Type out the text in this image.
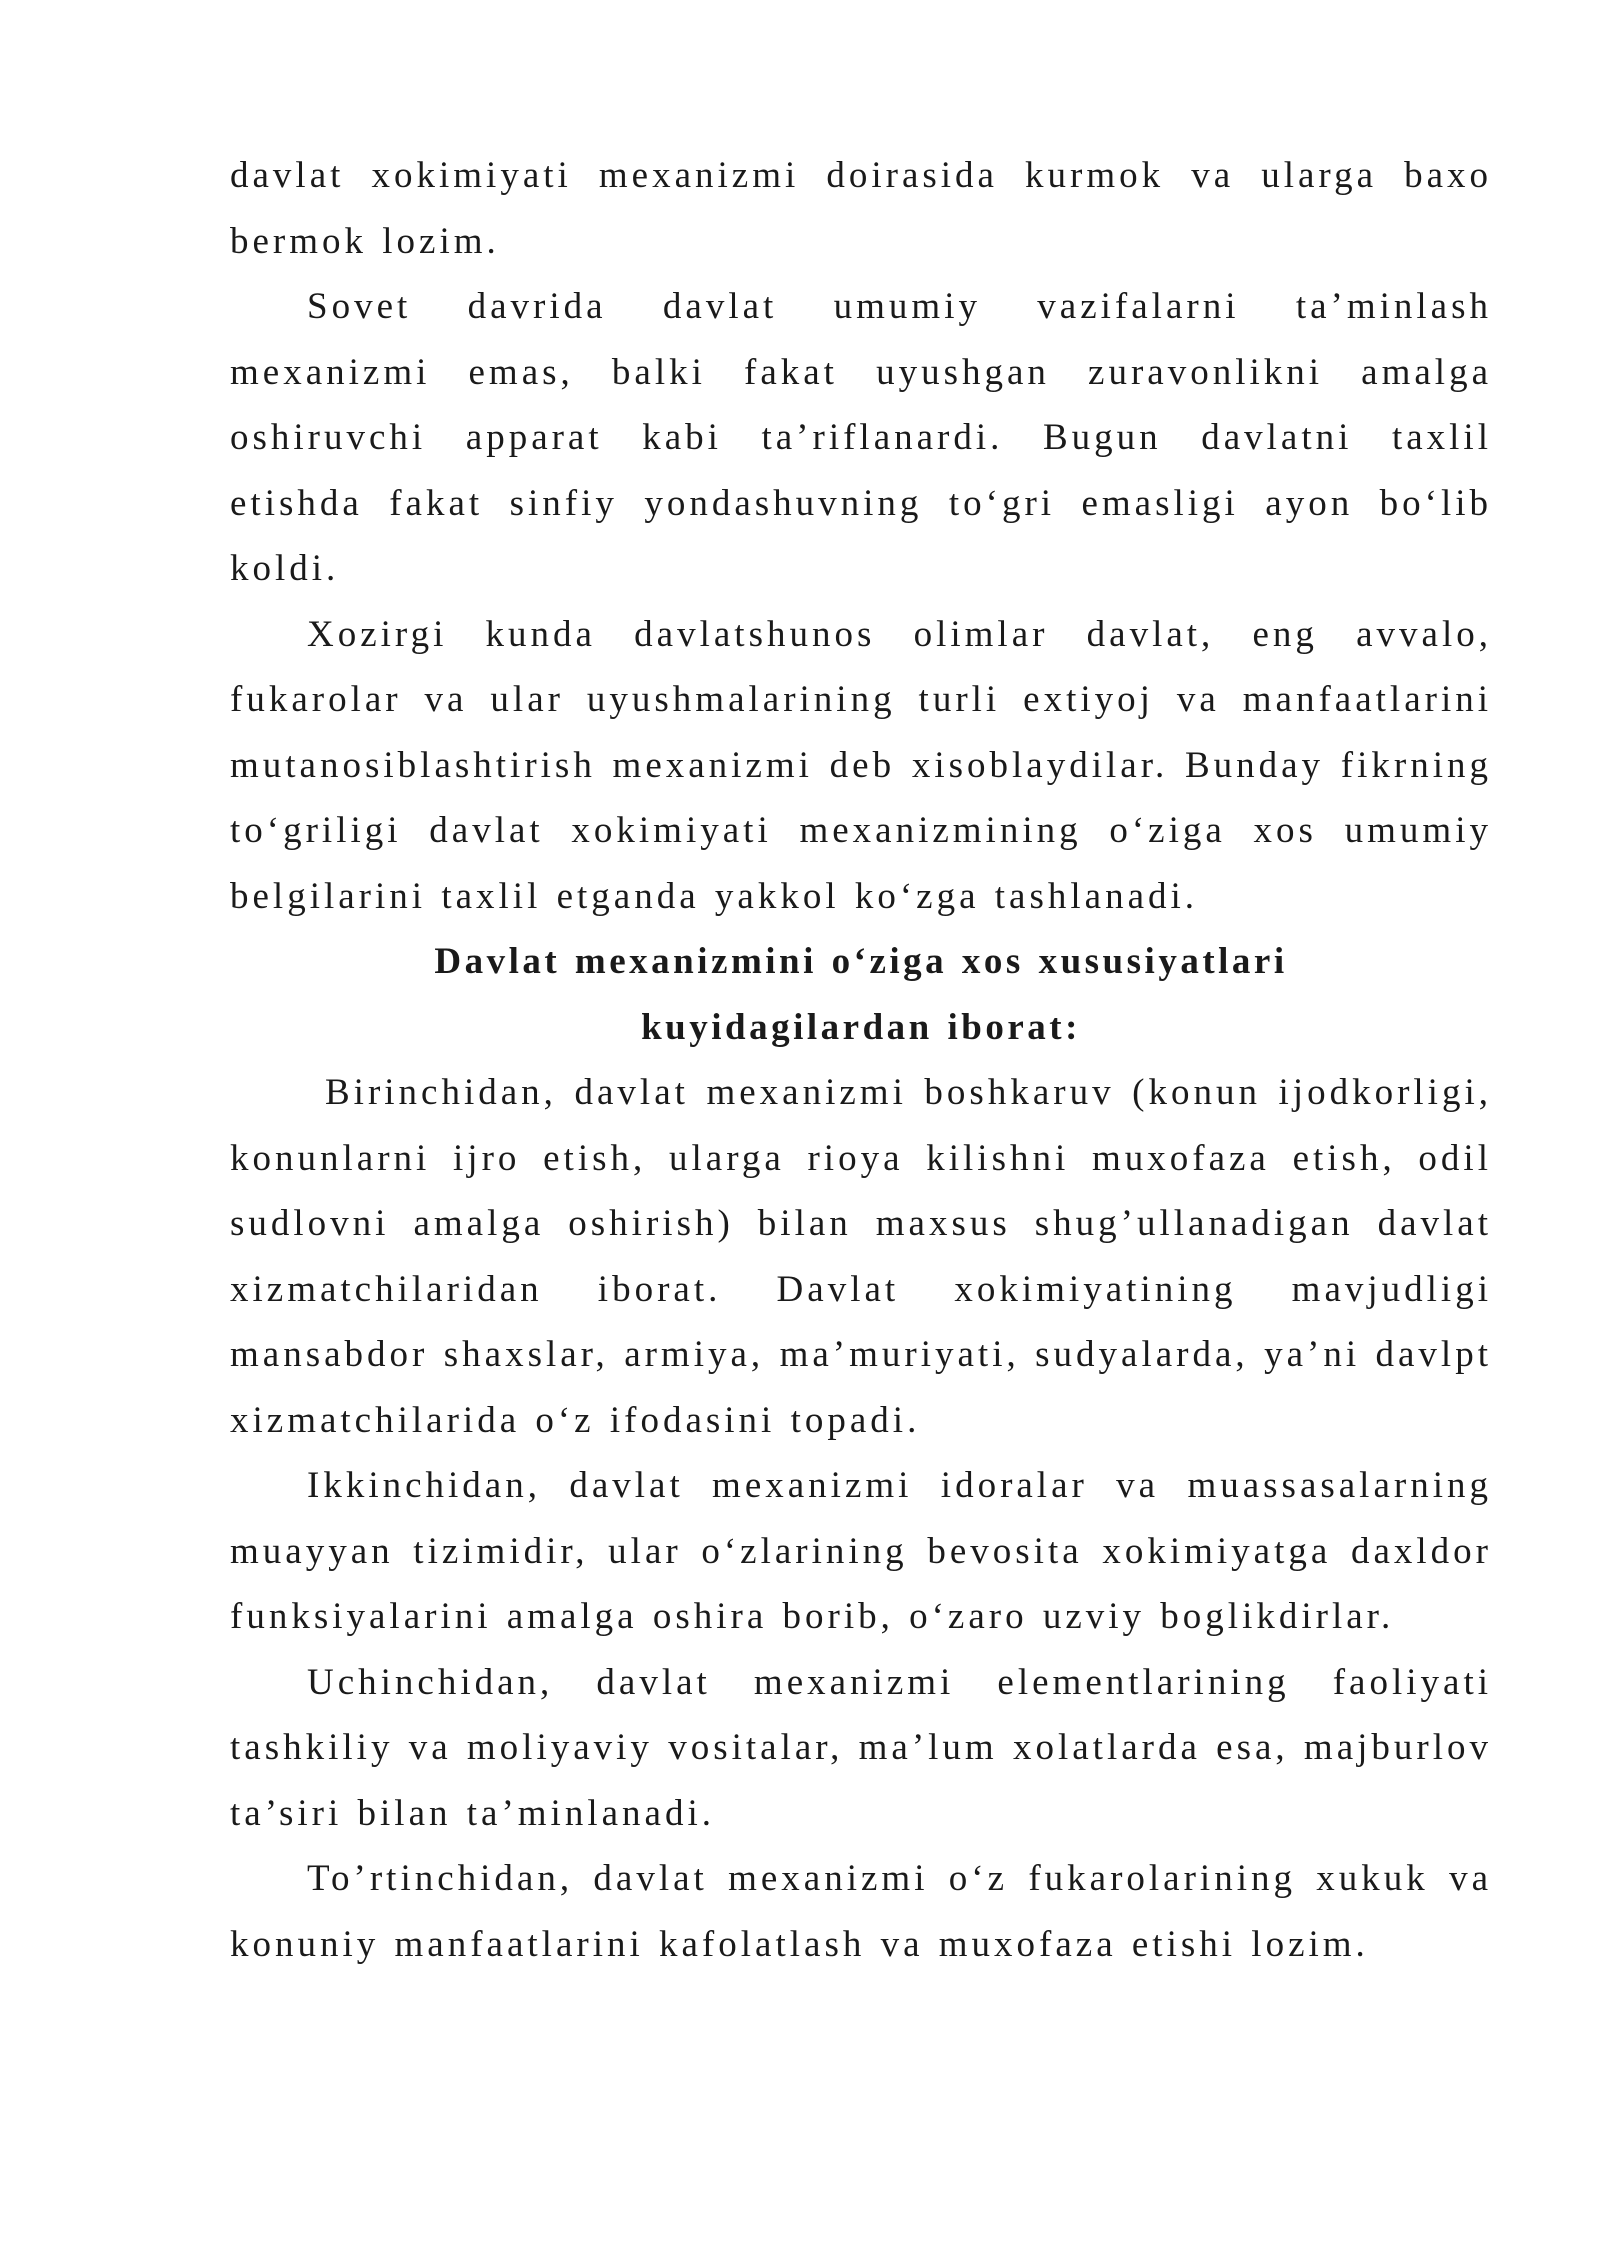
davlat xokimiyati mexanizmi doirasida kurmok va ularga baxo bermok lozim.

Sovet davrida davlat umumiy vazifalarni ta’minlash mexanizmi emas, balki fakat uyushgan zuravonlikni amalga oshiruvchi apparat kabi ta’riflanardi. Bugun davlatni taxlil etishda fakat sinfiy yondashuvning to‘gri emasligi ayon bo‘lib koldi.

Xozirgi kunda davlatshunos olimlar davlat, eng avvalo, fukarolar va ular uyushmalarining turli extiyoj va manfaatlarini mutanosiblashtirish mexanizmi deb xisoblaydilar. Bunday fikrning to‘griligi davlat xokimiyati mexanizmining o‘ziga xos umumiy belgilarini taxlil etganda yakkol ko‘zga tashlanadi.

Davlat mexanizmini o‘ziga xos xususiyatlari

kuyidagilardan iborat:

Birinchidan, davlat mexanizmi boshkaruv (konun ijodkorligi, konunlarni ijro etish, ularga rioya kilishni muxofaza etish, odil sudlovni amalga oshirish) bilan maxsus shug’ullanadigan davlat xizmatchilaridan iborat. Davlat xokimiyatining mavjudligi mansabdor shaxslar, armiya, ma’muriyati, sudyalarda, ya’ni davlpt xizmatchilarida o‘z ifodasini topadi.

Ikkinchidan, davlat mexanizmi idoralar va muassasalarning muayyan tizimidir, ular o‘zlarining bevosita xokimiyatga daxldor funksiyalarini amalga oshira borib, o‘zaro uzviy boglikdirlar.

Uchinchidan, davlat mexanizmi elementlarining faoliyati tashkiliy va moliyaviy vositalar, ma’lum xolatlarda esa, majburlov ta’siri bilan ta’minlanadi.

To’rtinchidan, davlat mexanizmi o‘z fukarolarining xukuk va konuniy manfaatlarini kafolatlash va muxofaza etishi lozim.
